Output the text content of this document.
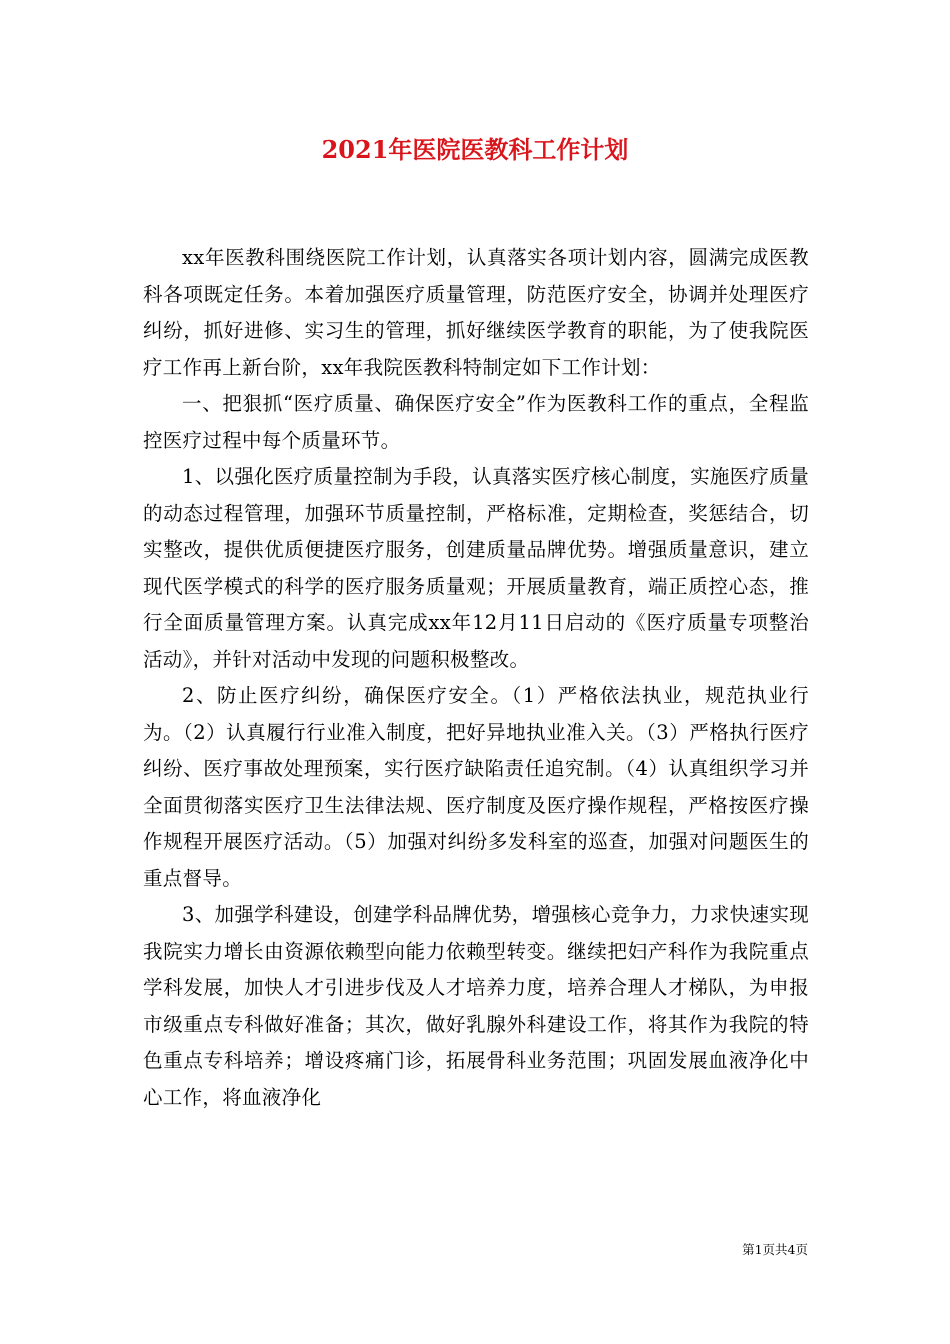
2021年医院医教科工作计划

xx年医教科围绕医院工作计划，认真落实各项计划内容，圆满完成医教科各项既定任务。本着加强医疗质量管理，防范医疗安全，协调并处理医疗纠纷，抓好进修、实习生的管理，抓好继续医学教育的职能，为了使我院医疗工作再上新台阶，xx年我院医教科特制定如下工作计划：

一、把狠抓“医疗质量、确保医疗安全”作为医教科工作的重点，全程监控医疗过程中每个质量环节。

1、以强化医疗质量控制为手段，认真落实医疗核心制度，实施医疗质量的动态过程管理，加强环节质量控制，严格标准，定期检查，奖惩结合，切实整改，提供优质便捷医疗服务，创建质量品牌优势。增强质量意识，建立现代医学模式的科学的医疗服务质量观；开展质量教育，端正质控心态，推行全面质量管理方案。认真完成xx年12月11日启动的《医疗质量专项整治活动》，并针对活动中发现的问题积极整改。

2、防止医疗纠纷，确保医疗安全。（1）严格依法执业，规范执业行为。（2）认真履行行业准入制度，把好异地执业准入关。（3）严格执行医疗纠纷、医疗事故处理预案，实行医疗缺陷责任追究制。（4）认真组织学习并全面贯彻落实医疗卫生法律法规、医疗制度及医疗操作规程，严格按医疗操作规程开展医疗活动。（5）加强对纠纷多发科室的巡查，加强对问题医生的重点督导。

3、加强学科建设，创建学科品牌优势，增强核心竞争力，力求快速实现我院实力增长由资源依赖型向能力依赖型转变。继续把妇产科作为我院重点学科发展，加快人才引进步伐及人才培养力度，培养合理人才梯队，为申报市级重点专科做好准备；其次，做好乳腺外科建设工作，将其作为我院的特色重点专科培养；增设疼痛门诊，拓展骨科业务范围；巩固发展血液净化中心工作，将血液净化

第1页共4页
